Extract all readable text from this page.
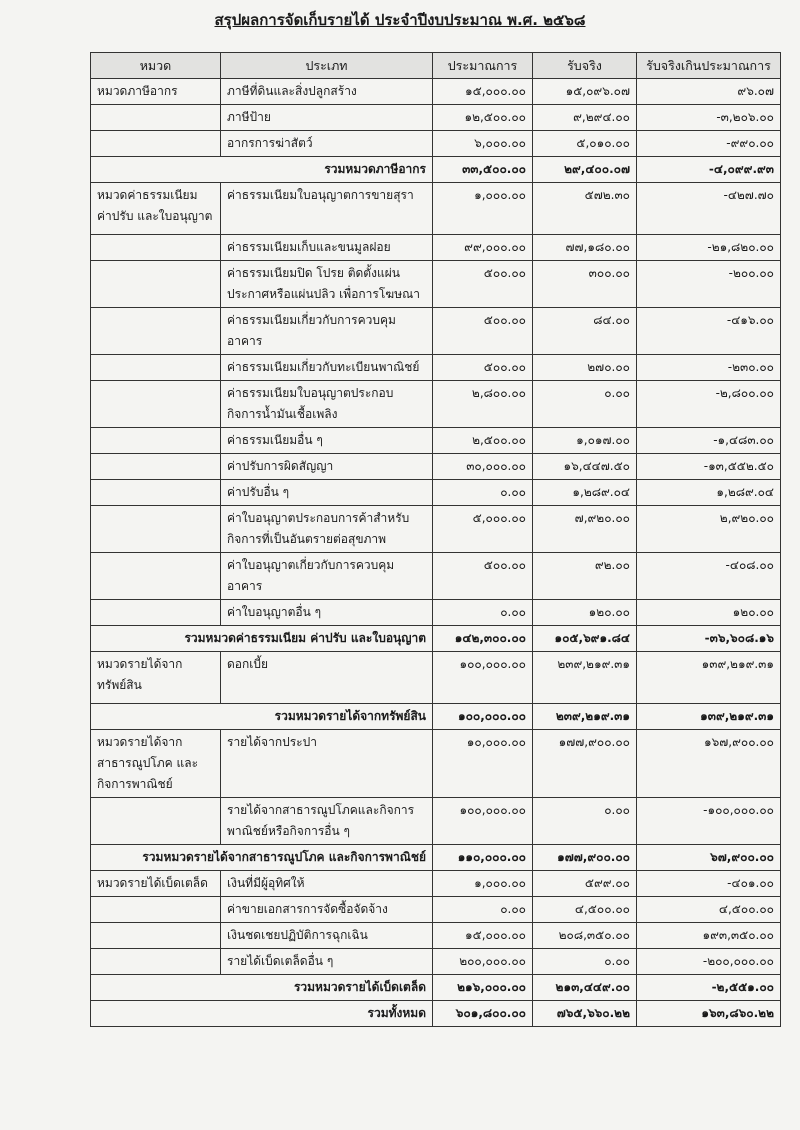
สรุปผลการจัดเก็บรายได้ ประจำปีงบประมาณ พ.ศ. ๒๕๖๘
หมวด	ประเภท	ประมาณการ	รับจริง	รับจริงเกินประมาณการ
หมวดภาษีอากร	ภาษีที่ดินและสิ่งปลูกสร้าง	๑๕,๐๐๐.๐๐	๑๕,๐๙๖.๐๗	๙๖.๐๗
	ภาษีป้าย	๑๒,๕๐๐.๐๐	๙,๒๙๔.๐๐	-๓,๒๐๖.๐๐
	อากรการฆ่าสัตว์	๖,๐๐๐.๐๐	๕,๐๑๐.๐๐	-๙๙๐.๐๐
รวมหมวดภาษีอากร		๓๓,๕๐๐.๐๐	๒๙,๔๐๐.๐๗	-๔,๐๙๙.๙๓
หมวดค่าธรรมเนียม ค่าปรับ และใบอนุญาต	ค่าธรรมเนียมใบอนุญาตการขายสุรา	๑,๐๐๐.๐๐	๕๗๒.๓๐	-๔๒๗.๗๐
	ค่าธรรมเนียมเก็บและขนมูลฝอย	๙๙,๐๐๐.๐๐	๗๗,๑๘๐.๐๐	-๒๑,๘๒๐.๐๐
	ค่าธรรมเนียมปิด โปรย ติดตั้งแผ่นประกาศหรือแผ่นปลิว เพื่อการโฆษณา	๕๐๐.๐๐	๓๐๐.๐๐	-๒๐๐.๐๐
	ค่าธรรมเนียมเกี่ยวกับการควบคุมอาคาร	๕๐๐.๐๐	๘๔.๐๐	-๔๑๖.๐๐
	ค่าธรรมเนียมเกี่ยวกับทะเบียนพาณิชย์	๕๐๐.๐๐	๒๗๐.๐๐	-๒๓๐.๐๐
	ค่าธรรมเนียมใบอนุญาตประกอบกิจการน้ำมันเชื้อเพลิง	๒,๘๐๐.๐๐	๐.๐๐	-๒,๘๐๐.๐๐
	ค่าธรรมเนียมอื่น ๆ	๒,๕๐๐.๐๐	๑,๐๑๗.๐๐	-๑,๔๘๓.๐๐
	ค่าปรับการผิดสัญญา	๓๐,๐๐๐.๐๐	๑๖,๔๔๗.๕๐	-๑๓,๕๕๒.๕๐
	ค่าปรับอื่น ๆ	๐.๐๐	๑,๒๘๙.๐๔	๑,๒๘๙.๐๔
	ค่าใบอนุญาตประกอบการค้าสำหรับกิจการที่เป็นอันตรายต่อสุขภาพ	๕,๐๐๐.๐๐	๗,๙๒๐.๐๐	๒,๙๒๐.๐๐
	ค่าใบอนุญาตเกี่ยวกับการควบคุมอาคาร	๕๐๐.๐๐	๙๒.๐๐	-๔๐๘.๐๐
	ค่าใบอนุญาตอื่น ๆ	๐.๐๐	๑๒๐.๐๐	๑๒๐.๐๐
รวมหมวดค่าธรรมเนียม ค่าปรับ และใบอนุญาต		๑๔๒,๓๐๐.๐๐	๑๐๕,๖๙๑.๘๔	-๓๖,๖๐๘.๑๖
หมวดรายได้จากทรัพย์สิน	ดอกเบี้ย	๑๐๐,๐๐๐.๐๐	๒๓๙,๒๑๙.๓๑	๑๓๙,๒๑๙.๓๑
รวมหมวดรายได้จากทรัพย์สิน		๑๐๐,๐๐๐.๐๐	๒๓๙,๒๑๙.๓๑	๑๓๙,๒๑๙.๓๑
หมวดรายได้จากสาธารณูปโภค และกิจการพาณิชย์	รายได้จากประปา	๑๐,๐๐๐.๐๐	๑๗๗,๙๐๐.๐๐	๑๖๗,๙๐๐.๐๐
	รายได้จากสาธารณูปโภคและกิจการพาณิชย์หรือกิจการอื่น ๆ	๑๐๐,๐๐๐.๐๐	๐.๐๐	-๑๐๐,๐๐๐.๐๐
รวมหมวดรายได้จากสาธารณูปโภค และกิจการพาณิชย์		๑๑๐,๐๐๐.๐๐	๑๗๗,๙๐๐.๐๐	๖๗,๙๐๐.๐๐
หมวดรายได้เบ็ดเตล็ด	เงินที่มีผู้อุทิศให้	๑,๐๐๐.๐๐	๕๙๙.๐๐	-๔๐๑.๐๐
	ค่าขายเอกสารการจัดซื้อจัดจ้าง	๐.๐๐	๔,๕๐๐.๐๐	๔,๕๐๐.๐๐
	เงินชดเชยปฏิบัติการฉุกเฉิน	๑๕,๐๐๐.๐๐	๒๐๘,๓๕๐.๐๐	๑๙๓,๓๕๐.๐๐
	รายได้เบ็ดเตล็ดอื่น ๆ	๒๐๐,๐๐๐.๐๐	๐.๐๐	-๒๐๐,๐๐๐.๐๐
รวมหมวดรายได้เบ็ดเตล็ด		๒๑๖,๐๐๐.๐๐	๒๑๓,๔๔๙.๐๐	-๒,๕๕๑.๐๐
รวมทั้งหมด		๖๐๑,๘๐๐.๐๐	๗๖๕,๖๖๐.๒๒	๑๖๓,๘๖๐.๒๒
